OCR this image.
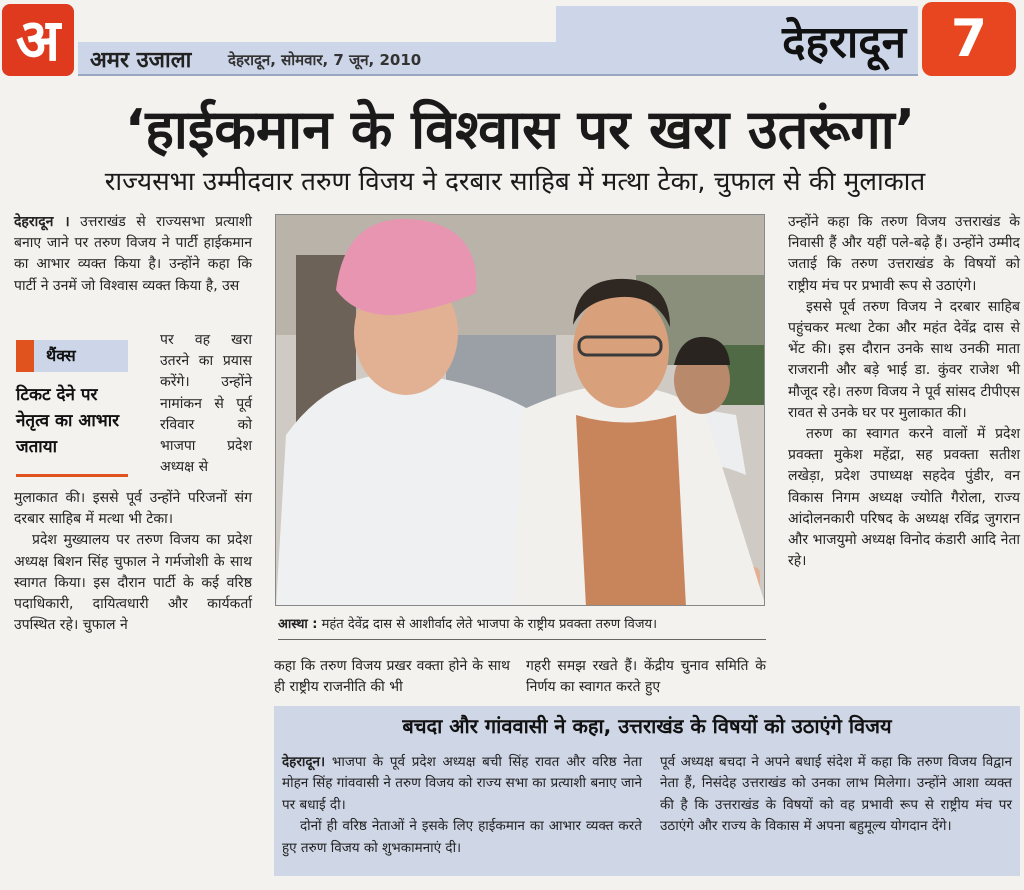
अ	अमर उजाला देहरादून, सोमवार, 7 जून, 2010	देहरादून 7
‘हाईकमान के विश्वास पर खरा उतरूंगा’
राज्यसभा उम्मीदवार तरुण विजय ने दरबार साहिब में मत्था टेका, चुफाल से की मुलाकात

देहरादून । उत्तराखंड से राज्यसभा प्रत्याशी बनाए जाने पर तरुण विजय ने पार्टी हाईकमान का आभार व्यक्त किया है। उन्होंने कहा कि पार्टी ने उनमें जो विश्वास व्यक्त किया है, उस

थैंक्स
टिकट देने पर नेतृत्व का आभार जताया

पर वह खरा उतरने का प्रयास करेंगे। उन्होंने नामांकन से पूर्व रविवार को भाजपा प्रदेश अध्यक्ष से

मुलाकात की। इससे पूर्व उन्होंने परिजनों संग दरबार साहिब में मत्था भी टेका।

प्रदेश मुख्यालय पर तरुण विजय का प्रदेश अध्यक्ष बिशन सिंह चुफाल ने गर्मजोशी के साथ स्वागत किया। इस दौरान पार्टी के कई वरिष्ठ पदाधिकारी, दायित्वधारी और कार्यकर्ता उपस्थित रहे। चुफाल ने	आस्था : महंत देवेंद्र दास से आशीर्वाद लेते भाजपा के राष्ट्रीय प्रवक्ता तरुण विजय।

कहा कि तरुण विजय प्रखर वक्ता होने के साथ ही राष्ट्रीय राजनीति की भी

गहरी समझ रखते हैं। केंद्रीय चुनाव समिति के निर्णय का स्वागत करते हुए

उन्होंने कहा कि तरुण विजय उत्तराखंड के निवासी हैं और यहीं पले-बढ़े हैं। उन्होंने उम्मीद जताई कि तरुण उत्तराखंड के विषयों को राष्ट्रीय मंच पर प्रभावी रूप से उठाएंगे।

इससे पूर्व तरुण विजय ने दरबार साहिब पहुंचकर मत्था टेका और महंत देवेंद्र दास से भेंट की। इस दौरान उनके साथ उनकी माता राजरानी और बड़े भाई डा. कुंवर राजेश भी मौजूद रहे। तरुण विजय ने पूर्व सांसद टीपीएस रावत से उनके घर पर मुलाकात की।

तरुण का स्वागत करने वालों में प्रदेश प्रवक्ता मुकेश महेंद्रा, सह प्रवक्ता सतीश लखेड़ा, प्रदेश उपाध्यक्ष सहदेव पुंडीर, वन विकास निगम अध्यक्ष ज्योति गैरोला, राज्य आंदोलनकारी परिषद के अध्यक्ष रविंद्र जुगरान और भाजयुमो अध्यक्ष विनोद कंडारी आदि नेता रहे।

बचदा और गांववासी ने कहा, उत्तराखंड के विषयों को उठाएंगे विजय

देहरादून। भाजपा के पूर्व प्रदेश अध्यक्ष बची सिंह रावत और वरिष्ठ नेता मोहन सिंह गांववासी ने तरुण विजय को राज्य सभा का प्रत्याशी बनाए जाने पर बधाई दी।

दोनों ही वरिष्ठ नेताओं ने इसके लिए हाईकमान का आभार व्यक्त करते हुए तरुण विजय को शुभकामनाएं दी।

पूर्व अध्यक्ष बचदा ने अपने बधाई संदेश में कहा कि तरुण विजय विद्वान नेता हैं, निसंदेह उत्तराखंड को उनका लाभ मिलेगा। उन्होंने आशा व्यक्त की है कि उत्तराखंड के विषयों को वह प्रभावी रूप से राष्ट्रीय मंच पर उठाएंगे और राज्य के विकास में अपना बहुमूल्य योगदान देंगे।
